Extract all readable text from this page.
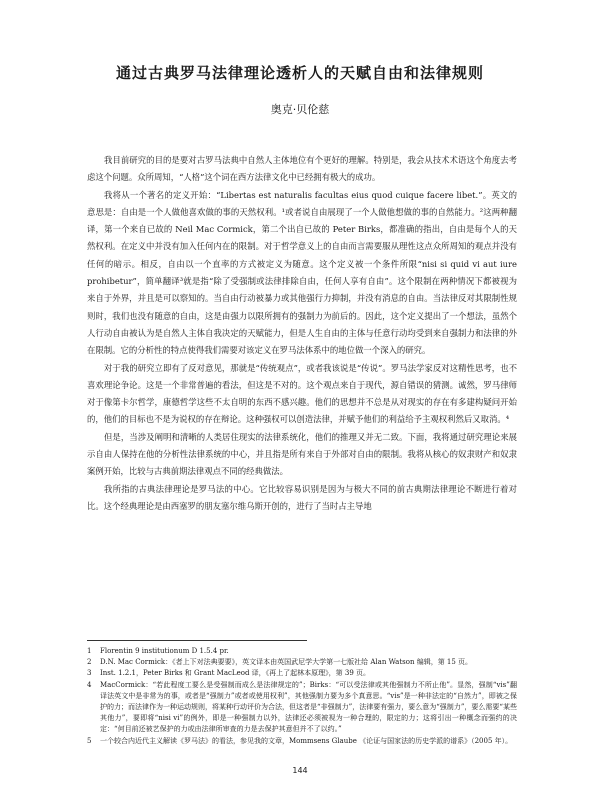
通过古典罗马法律理论透析人的天赋自由和法律规则
奥克·贝伦慈

我目前研究的目的是要对古罗马法典中自然人主体地位有个更好的理解。特别是，我会从技术术语这个角度去考虑这个问题。众所周知，“人格”这个词在西方法律文化中已经拥有极大的成功。

我将从一个著名的定义开始：“Libertas est naturalis facultas eius quod cuique facere libet.”。英文的意思是：自由是一个人做他喜欢做的事的天然权利。¹或者说自由展现了一个人做他想做的事的自然能力。²这两种翻译，第一个来自已故的 Neil Mac Cormick，第二个出自已故的 Peter Birks，都准确的指出，自由是每个人的天然权利。在定义中并没有加入任何内在的限制。对于哲学意义上的自由而言需要服从理性这点众所周知的观点并没有任何的暗示。相反，自由以一个直率的方式被定义为随意。这个定义被一个条件所限“nisi si quid vi aut iure prohibetur”，简单翻译³就是指“除了受强制或法律排除自由，任何人享有自由”。这个限制在两种情况下都被视为来自于外界，并且是可以察知的。当自由行动被暴力或其他强行力抑制，并没有消息的自由。当法律反对其限制性规则时，我们也没有随意的自由，这是由强力以限所拥有的强制力为前后的。因此，这个定义提出了一个想法，虽然个人行动自由被认为是自然人主体自我决定的天赋能力，但是人生自由的主体与任意行动均受到来自强制力和法律的外在限制。它的分析性的特点使得我们需要对该定义在罗马法体系中的地位做一个深入的研究。

对于我的研究立即有了反对意见，那就是“传统观点”，或者我该说是“传说”。罗马法学家反对这精性思考，也不喜欢理论争论。这是一个非常普遍的看法，但这是不对的。这个观点来自于现代，源自错误的猜测。诚然，罗马律师对于像第卡尔哲学，康德哲学这些不太自明的东西不感兴趣。他们的思想并不总是从对现实的存在有多建构疑问开始的，他们的目标也不是为说权的存在辩论。这种强权可以创造法律，并赋予他们的利益给予主观权利然后又取消。⁴

但是，当涉及阐明和清晰的人类居住现实的法律系统化，他们的推理又并无二致。下面，我将通过研究理论来展示自由人保持在他的分析性法律系统的中心，并且指是所有来自于外部对自由的限制。我将从核心的奴隶财产和奴隶案例开始，比较与古典前期法律观点不同的经典做法。

我所指的古典法律理论是罗马法的中心。它比较容易识别是因为与极大不同的前古典期法律理论不断进行着对比。这个经典理论是由西塞罗的朋友塞尔维乌斯开创的，进行了当时占主导地

1	Florentin 9 institutionum D 1.5.4 pr.
2	D.N. Mac Cormick：《者上下对法典要要》，英文译本由英国武尼学大学第一七版社给 Alan Watson 编辑，第 15 页。
3	Inst. 1.2.1，Peter Birks 和 Grant MacLeod 译，《再上了起林本原理》，第 39 页。
4	MacCormick：“若此程度工要么是受强制而成么是法律规定的”；Birks：“可以受法律或其他强制力不所止他”。显然，强制“vis”翻译法英文中是非常为的事，或者是“强制力”或者或使用权利”，其他强制力要为多个真意思。“vis”是一种非法定的“自然力”，即被之保护的力；而法律作为一种运动规则，将某种行动评价为合法，但这者是“非强制力”，法律要有强力，要么意为“强制力”，要么需要“某些其他力”，要即将“nisi vi”的例外，即是一种强制力以外，法律还必须被视为一种合理的，限定的力；这将引出一种概念而强约的决定：“何目前还被艺保护的力或由法律所审查的力是去保护其意但并不了以约。”
5	一个较合内近代主义解读《罗马法》的看法，参见我的文章，Mommsens Glaube 《论证与国家法的历史学派的谱系》（2005 年）。
144
